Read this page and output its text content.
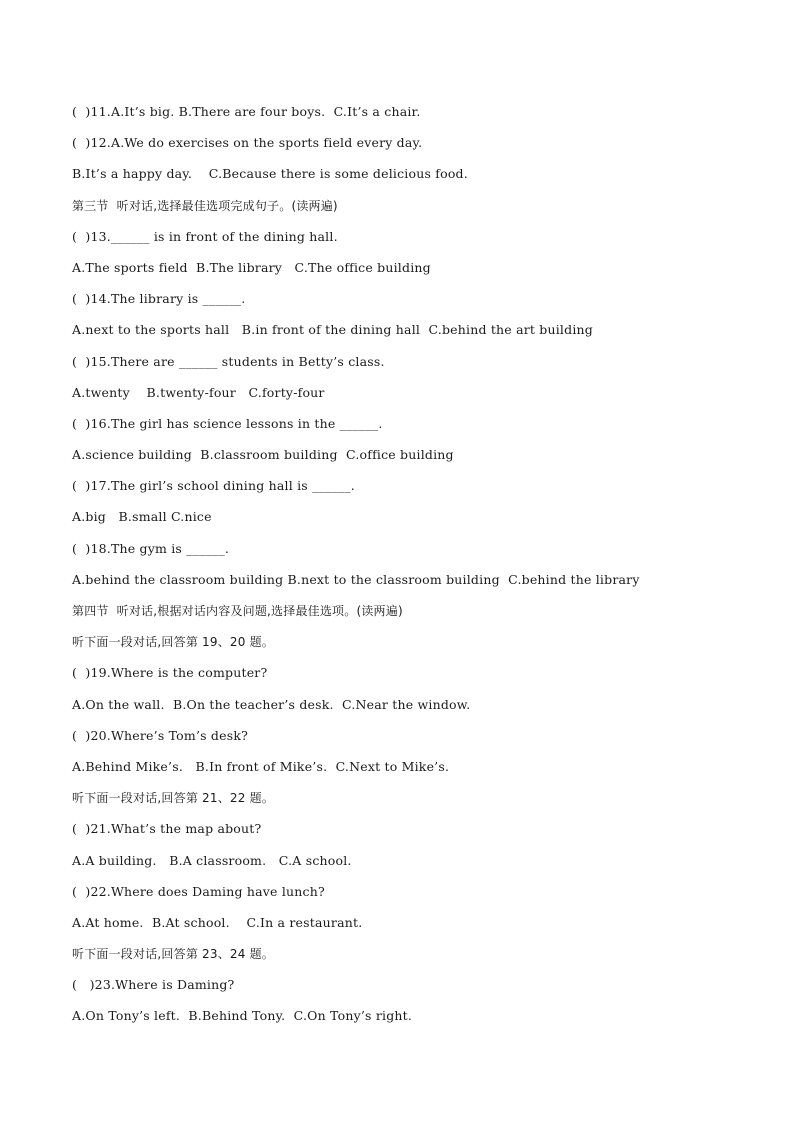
(  )11.A.It’s big. B.There are four boys.  C.It’s a chair.
(  )12.A.We do exercises on the sports field every day.
B.It’s a happy day.    C.Because there is some delicious food.
第三节  听对话,选择最佳选项完成句子。(读两遍)
(  )13.______ is in front of the dining hall.
A.The sports field  B.The library   C.The office building
(  )14.The library is ______.
A.next to the sports hall   B.in front of the dining hall  C.behind the art building
(  )15.There are ______ students in Betty’s class.
A.twenty    B.twenty-four   C.forty-four
(  )16.The girl has science lessons in the ______.
A.science building  B.classroom building  C.office building
(  )17.The girl’s school dining hall is ______.
A.big   B.small C.nice
(  )18.The gym is ______.
A.behind the classroom building B.next to the classroom building  C.behind the library
第四节  听对话,根据对话内容及问题,选择最佳选项。(读两遍)
听下面一段对话,回答第 19、20 题。
(  )19.Where is the computer?
A.On the wall.  B.On the teacher’s desk.  C.Near the window.
(  )20.Where’s Tom’s desk?
A.Behind Mike’s.   B.In front of Mike’s.  C.Next to Mike’s.
听下面一段对话,回答第 21、22 题。
(  )21.What’s the map about?
A.A building.   B.A classroom.   C.A school.
(  )22.Where does Daming have lunch?
A.At home.  B.At school.    C.In a restaurant.
听下面一段对话,回答第 23、24 题。
(   )23.Where is Daming?
A.On Tony’s left.  B.Behind Tony.  C.On Tony’s right.
